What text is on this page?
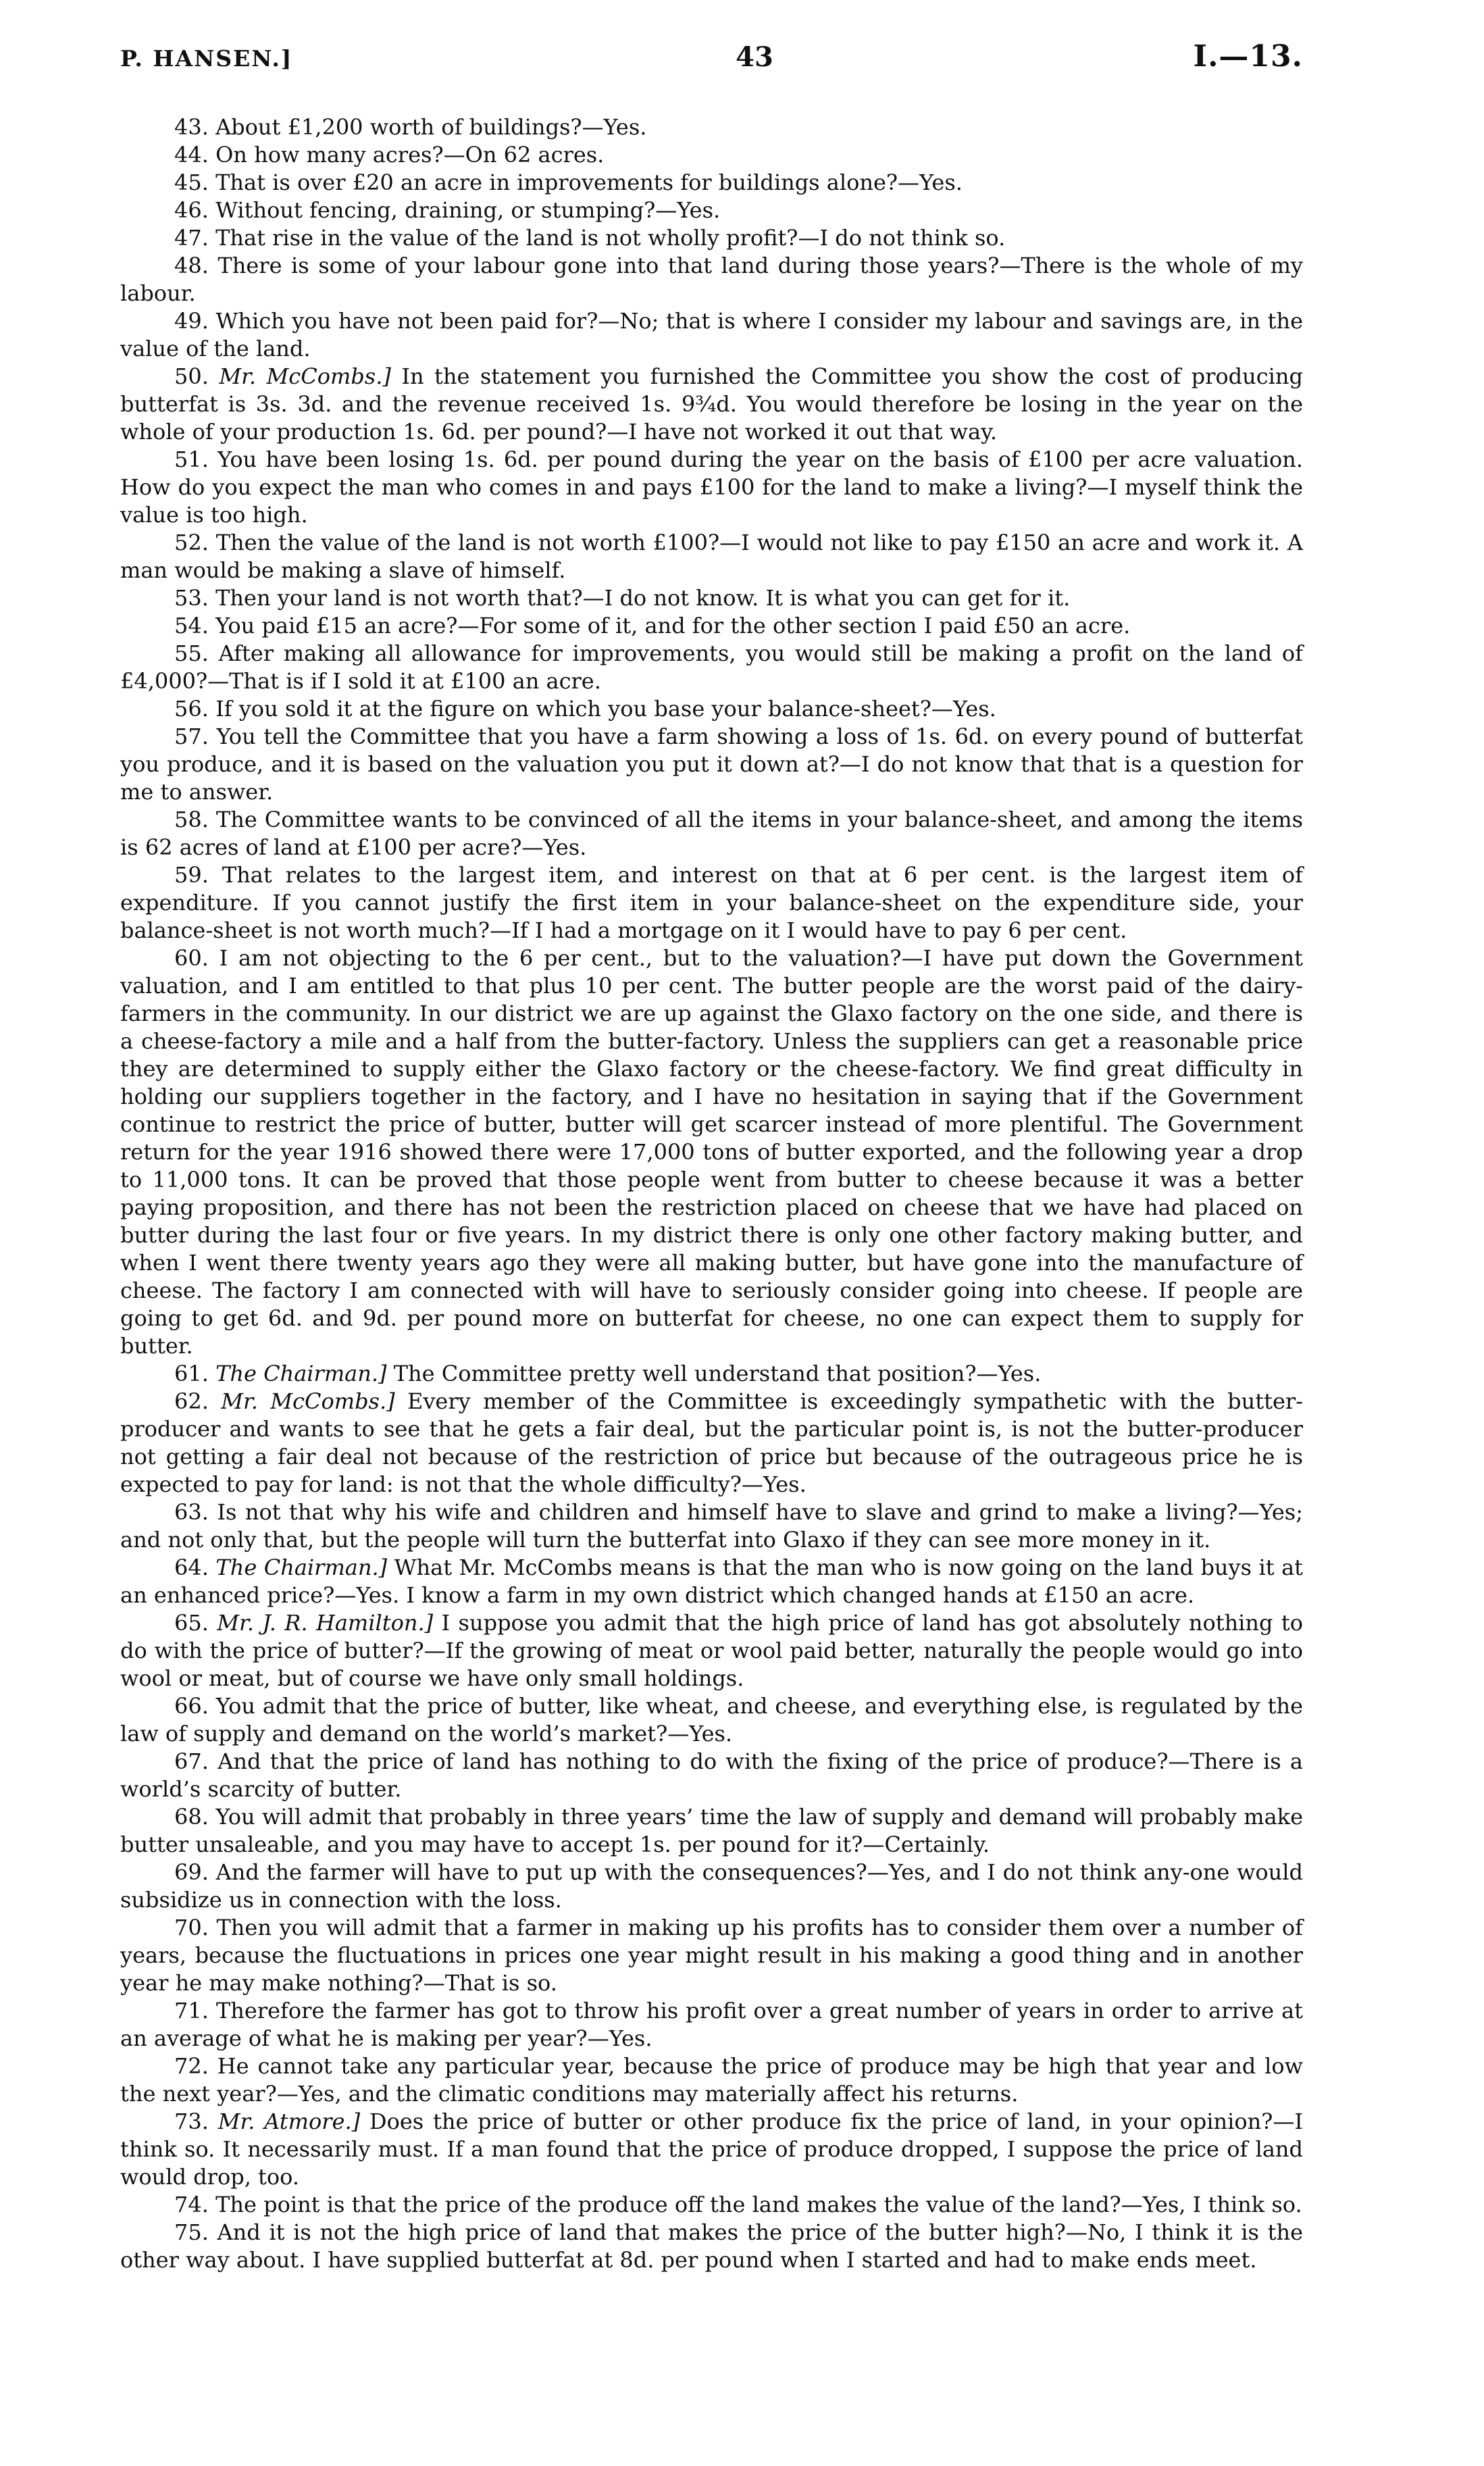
P. HANSEN.]	43	I.—13.

43. About £1,200 worth of buildings?—Yes.

44. On how many acres?—On 62 acres.

45. That is over £20 an acre in improvements for buildings alone?—Yes.

46. Without fencing, draining, or stumping?—Yes.

47. That rise in the value of the land is not wholly profit?—I do not think so.

48. There is some of your labour gone into that land during those years?—There is the whole of my labour.

49. Which you have not been paid for?—No; that is where I consider my labour and savings are, in the value of the land.

50. Mr. McCombs.] In the statement you furnished the Committee you show the cost of producing butterfat is 3s. 3d. and the revenue received 1s. 9¾d. You would therefore be losing in the year on the whole of your production 1s. 6d. per pound?—I have not worked it out that way.

51. You have been losing 1s. 6d. per pound during the year on the basis of £100 per acre valuation. How do you expect the man who comes in and pays £100 for the land to make a living?—I myself think the value is too high.

52. Then the value of the land is not worth £100?—I would not like to pay £150 an acre and work it. A man would be making a slave of himself.

53. Then your land is not worth that?—I do not know. It is what you can get for it.

54. You paid £15 an acre?—For some of it, and for the other section I paid £50 an acre.

55. After making all allowance for improvements, you would still be making a profit on the land of £4,000?—That is if I sold it at £100 an acre.

56. If you sold it at the figure on which you base your balance-sheet?—Yes.

57. You tell the Committee that you have a farm showing a loss of 1s. 6d. on every pound of butterfat you produce, and it is based on the valuation you put it down at?—I do not know that that is a question for me to answer.

58. The Committee wants to be convinced of all the items in your balance-sheet, and among the items is 62 acres of land at £100 per acre?—Yes.

59. That relates to the largest item, and interest on that at 6 per cent. is the largest item of expenditure. If you cannot justify the first item in your balance-sheet on the expenditure side, your balance-sheet is not worth much?—If I had a mortgage on it I would have to pay 6 per cent.

60. I am not objecting to the 6 per cent., but to the valuation?—I have put down the Government valuation, and I am entitled to that plus 10 per cent. The butter people are the worst paid of the dairy-farmers in the community. In our district we are up against the Glaxo factory on the one side, and there is a cheese-factory a mile and a half from the butter-factory. Unless the suppliers can get a reasonable price they are determined to supply either the Glaxo factory or the cheese-factory. We find great difficulty in holding our suppliers together in the factory, and I have no hesitation in saying that if the Government continue to restrict the price of butter, butter will get scarcer instead of more plentiful. The Government return for the year 1916 showed there were 17,000 tons of butter exported, and the following year a drop to 11,000 tons. It can be proved that those people went from butter to cheese because it was a better paying proposition, and there has not been the restriction placed on cheese that we have had placed on butter during the last four or five years. In my district there is only one other factory making butter, and when I went there twenty years ago they were all making butter, but have gone into the manufacture of cheese. The factory I am connected with will have to seriously consider going into cheese. If people are going to get 6d. and 9d. per pound more on butterfat for cheese, no one can expect them to supply for butter.

61. The Chairman.] The Committee pretty well understand that position?—Yes.

62. Mr. McCombs.] Every member of the Committee is exceedingly sympathetic with the butter-producer and wants to see that he gets a fair deal, but the particular point is, is not the butter-producer not getting a fair deal not because of the restriction of price but because of the outrageous price he is expected to pay for land: is not that the whole difficulty?—Yes.

63. Is not that why his wife and children and himself have to slave and grind to make a living?—Yes; and not only that, but the people will turn the butterfat into Glaxo if they can see more money in it.

64. The Chairman.] What Mr. McCombs means is that the man who is now going on the land buys it at an enhanced price?—Yes. I know a farm in my own district which changed hands at £150 an acre.

65. Mr. J. R. Hamilton.] I suppose you admit that the high price of land has got absolutely nothing to do with the price of butter?—If the growing of meat or wool paid better, naturally the people would go into wool or meat, but of course we have only small holdings.

66. You admit that the price of butter, like wheat, and cheese, and everything else, is regulated by the law of supply and demand on the world’s market?—Yes.

67. And that the price of land has nothing to do with the fixing of the price of produce?—There is a world’s scarcity of butter.

68. You will admit that probably in three years’ time the law of supply and demand will probably make butter unsaleable, and you may have to accept 1s. per pound for it?—Certainly.

69. And the farmer will have to put up with the consequences?—Yes, and I do not think any-one would subsidize us in connection with the loss.

70. Then you will admit that a farmer in making up his profits has to consider them over a number of years, because the fluctuations in prices one year might result in his making a good thing and in another year he may make nothing?—That is so.

71. Therefore the farmer has got to throw his profit over a great number of years in order to arrive at an average of what he is making per year?—Yes.

72. He cannot take any particular year, because the price of produce may be high that year and low the next year?—Yes, and the climatic conditions may materially affect his returns.

73. Mr. Atmore.] Does the price of butter or other produce fix the price of land, in your opinion?—I think so. It necessarily must. If a man found that the price of produce dropped, I suppose the price of land would drop, too.

74. The point is that the price of the produce off the land makes the value of the land?—Yes, I think so.

75. And it is not the high price of land that makes the price of the butter high?—No, I think it is the other way about. I have supplied butterfat at 8d. per pound when I started and had to make ends meet.
